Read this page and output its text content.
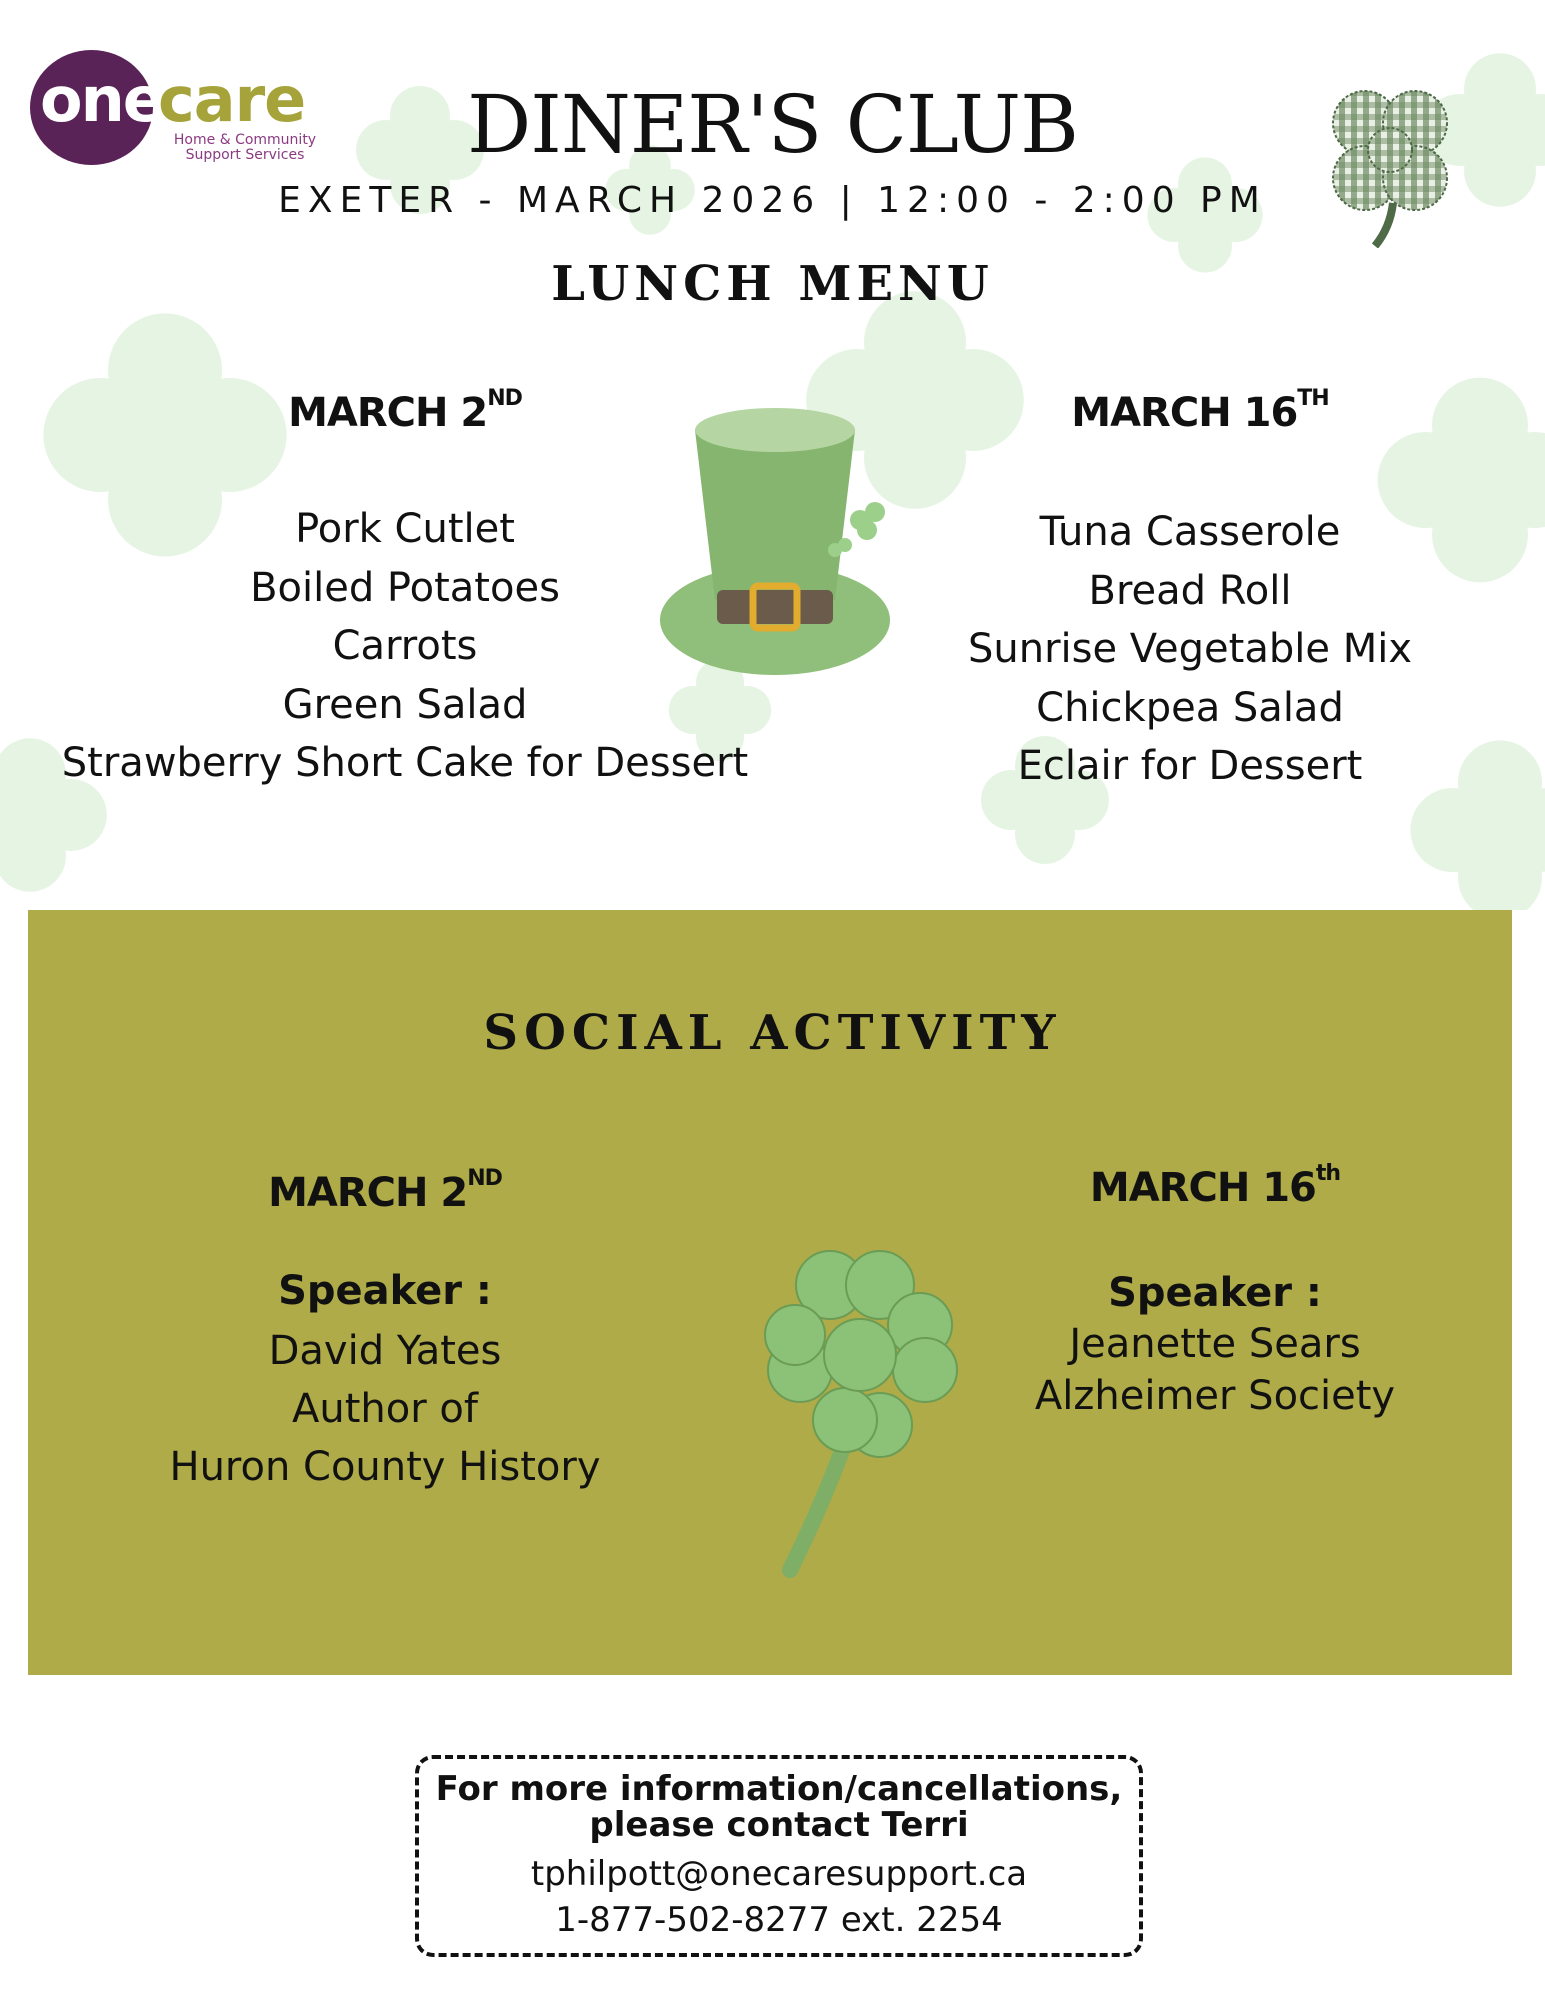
one
care
Home & Community
Support Services	DINER'S CLUB
EXETER - MARCH 2026 | 12:00 - 2:00 PM
LUNCH MENU
MARCH 2ND
Pork Cutlet
Boiled Potatoes
Carrots
Green Salad
Strawberry Short Cake for Dessert
MARCH 16TH
Tuna Casserole
Bread Roll
Sunrise Vegetable Mix
Chickpea Salad
Eclair for Dessert
SOCIAL ACTIVITY
MARCH 2ND
Speaker :
David Yates
Author of
Huron County History
MARCH 16th
Speaker :
Jeanette Sears
Alzheimer Society
For more information/cancellations,
please contact Terri
tphilpott@onecaresupport.ca
1-877-502-8277 ext. 2254
